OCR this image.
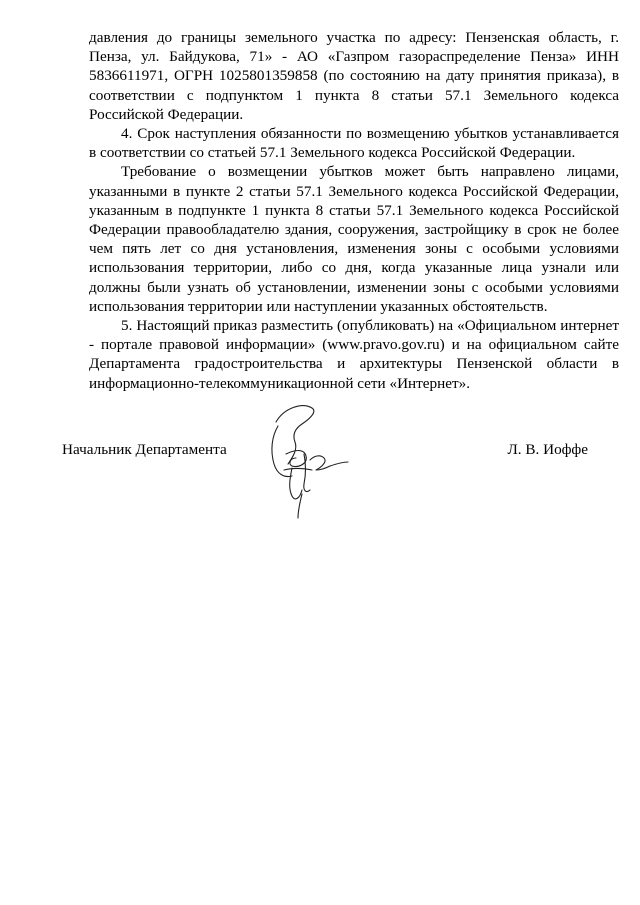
давления до границы земельного участка по адресу: Пензенская область, г. Пенза, ул. Байдукова, 71» - АО «Газпром газораспределение Пенза» ИНН 5836611971, ОГРН 1025801359858 (по состоянию на дату принятия приказа), в соответствии с подпунктом 1 пункта 8 статьи 57.1 Земельного кодекса Российской Федерации.

4. Срок наступления обязанности по возмещению убытков устанавливается в соответствии со статьей 57.1 Земельного кодекса Российской Федерации.

Требование о возмещении убытков может быть направлено лицами, указанными в пункте 2 статьи 57.1 Земельного кодекса Российской Федерации, указанным в подпункте 1 пункта 8 статьи 57.1 Земельного кодекса Российской Федерации правообладателю здания, сооружения, застройщику в срок не более чем пять лет со дня установления, изменения зоны с особыми условиями использования территории, либо со дня, когда указанные лица узнали или должны были узнать об установлении, изменении зоны с особыми условиями использования территории или наступлении указанных обстоятельств.

5. Настоящий приказ разместить (опубликовать) на «Официальном интернет - портале правовой информации» (www.pravo.gov.ru) и на официальном сайте Департамента градостроительства и архитектуры Пензенской области в информационно-телекоммуникационной сети «Интернет».

Начальник Департамента	Л. В. Иоффе
